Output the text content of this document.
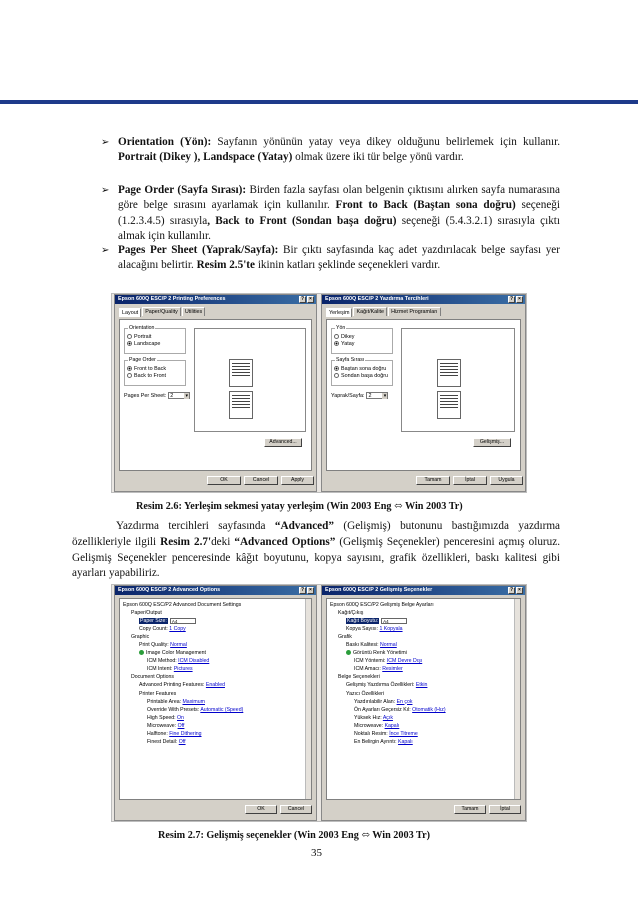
➢ Orientation (Yön): Sayfanın yönünün yatay veya dikey olduğunu belirlemek için kullanır. Portrait (Dikey ), Landspace (Yatay) olmak üzere iki tür belge yönü vardır.
➢ Page Order (Sayfa Sırası): Birden fazla sayfası olan belgenin çıktısını alırken sayfa numarasına göre belge sırasını ayarlamak için kullanılır. Front to Back (Baştan sona doğru) seçeneği (1.2.3.4.5) sırasıyla, Back to Front (Sondan başa doğru) seçeneği (5.4.3.2.1) sırasıyla çıktı almak için kullanılır.
➢ Pages Per Sheet (Yaprak/Sayfa): Bir çıktı sayfasında kaç adet yazdırılacak belge sayfası yer alacağını belirtir. Resim 2.5'te ikinin katları şeklinde seçenekleri vardır.
Epson 600Q ESC/P 2 Printing Preferences	?	×
Layout	Paper/Quality	Utilities
Orientation
Portrait
Landscape
Page Order
Front to Back
Back to Front
Pages Per Sheet: 2 ▾
Advanced...
OK	Cancel	Apply
Epson 600Q ESC/P 2 Yazdırma Tercihleri	?	×
Yerleşim	Kağıt/Kalite	Hizmet Programları
Yön
Dikey
Yatay
Sayfa Sırası
Baştan sona doğru
Sondan başa doğru
Yaprak/Sayfa: 2 ▾
Gelişmiş...
Tamam	İptal	Uygula
Resim 2.6: Yerleşim sekmesi yatay yerleşim (Win 2003 Eng ⬄ Win 2003 Tr)
Yazdırma tercihleri sayfasında “Advanced” (Gelişmiş) butonunu bastığımızda yazdırma özellikleriyle ilgili Resim 2.7'deki “Advanced Options” (Gelişmiş Seçenekler) penceresini açmış oluruz. Gelişmiş Seçenekler penceresinde kâğıt boyutunu, kopya sayısını, grafik özellikleri, baskı kalitesi gibi ayarları yapabiliriz.
Epson 600Q ESC/P 2 Advanced Options	?	×
Epson 600Q ESC/P2 Advanced Document Settings
Paper/Output
Paper Size: A4
Copy Count: 1 Copy
Graphic
Print Quality: Normal
Image Color Management
ICM Method: ICM Disabled
ICM Intent: Pictures
Document Options
Advanced Printing Features: Enabled
Printer Features
Printable Area: Maximum
Override With Presets: Automatic (Speed)
High Speed: On
Microweave: Off
Halftone: Fine Dithering
Finest Detail: Off
OK	Cancel
Epson 600Q ESC/P 2 Gelişmiş Seçenekler	?	×
Epson 600Q ESC/P2 Gelişmiş Belge Ayarları
Kağıt/Çıkış
Kağıt Boyutu: A4
Kopya Sayısı: 1 Kopyala
Grafik
Baskı Kalitesi: Normal
Görüntü Renk Yönetimi
ICM Yöntemi: ICM Devre Dışı
ICM Amacı: Resimler
Belge Seçenekleri
Gelişmiş Yazdırma Özellikleri: Etkin
Yazıcı Özellikleri
Yazdırılabilir Alan: En çok
Ön Ayarları Geçersiz Kıl: Otomatik (Hız)
Yüksek Hız: Açık
Microweave: Kapalı
Noktalı Resim: İnce Titreme
En Belirgin Ayrıntı: Kapalı
Tamam	İptal
Resim 2.7: Gelişmiş seçenekler (Win 2003 Eng ⬄ Win 2003 Tr)
35
